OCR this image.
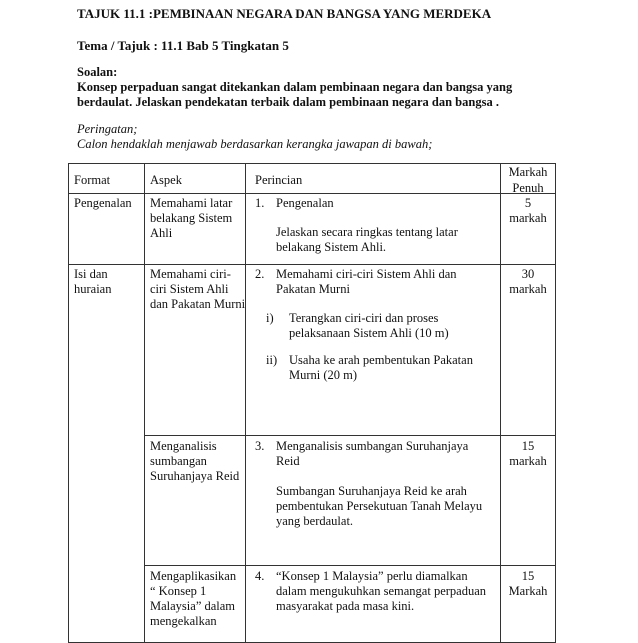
TAJUK 11.1 :PEMBINAAN NEGARA DAN BANGSA YANG MERDEKA
Tema / Tajuk : 11.1 Bab 5 Tingkatan 5
Soalan:
Konsep perpaduan sangat ditekankan dalam pembinaan negara dan bangsa yang
berdaulat. Jelaskan pendekatan terbaik dalam pembinaan negara dan bangsa .
Peringatan;
Calon hendaklah menjawab berdasarkan kerangka jawapan di bawah;
Format	Aspek	Perincian
Markah
Penuh
Pengenalan Memahami latar
belakang Sistem
Ahli
1. Pengenalan
Jelaskan secara ringkas tentang latar
belakang Sistem Ahli.
5
markah
Isi dan
huraian
Memahami ciri-
ciri Sistem Ahli
dan Pakatan Murni
2. Memahami ciri-ciri Sistem Ahli dan
Pakatan Murni
i) Terangkan ciri-ciri dan proses
pelaksanaan Sistem Ahli (10 m)
ii) Usaha ke arah pembentukan Pakatan
Murni (20 m)
30
markah
Menganalisis
sumbangan
Suruhanjaya Reid
3. Menganalisis sumbangan Suruhanjaya
Reid
Sumbangan Suruhanjaya Reid ke arah
pembentukan Persekutuan Tanah Melayu
yang berdaulat.
15
markah
Mengaplikasikan
“ Konsep 1
Malaysia” dalam
mengekalkan
4. “Konsep 1 Malaysia” perlu diamalkan
dalam mengukuhkan semangat perpaduan
masyarakat pada masa kini.
15
Markah
